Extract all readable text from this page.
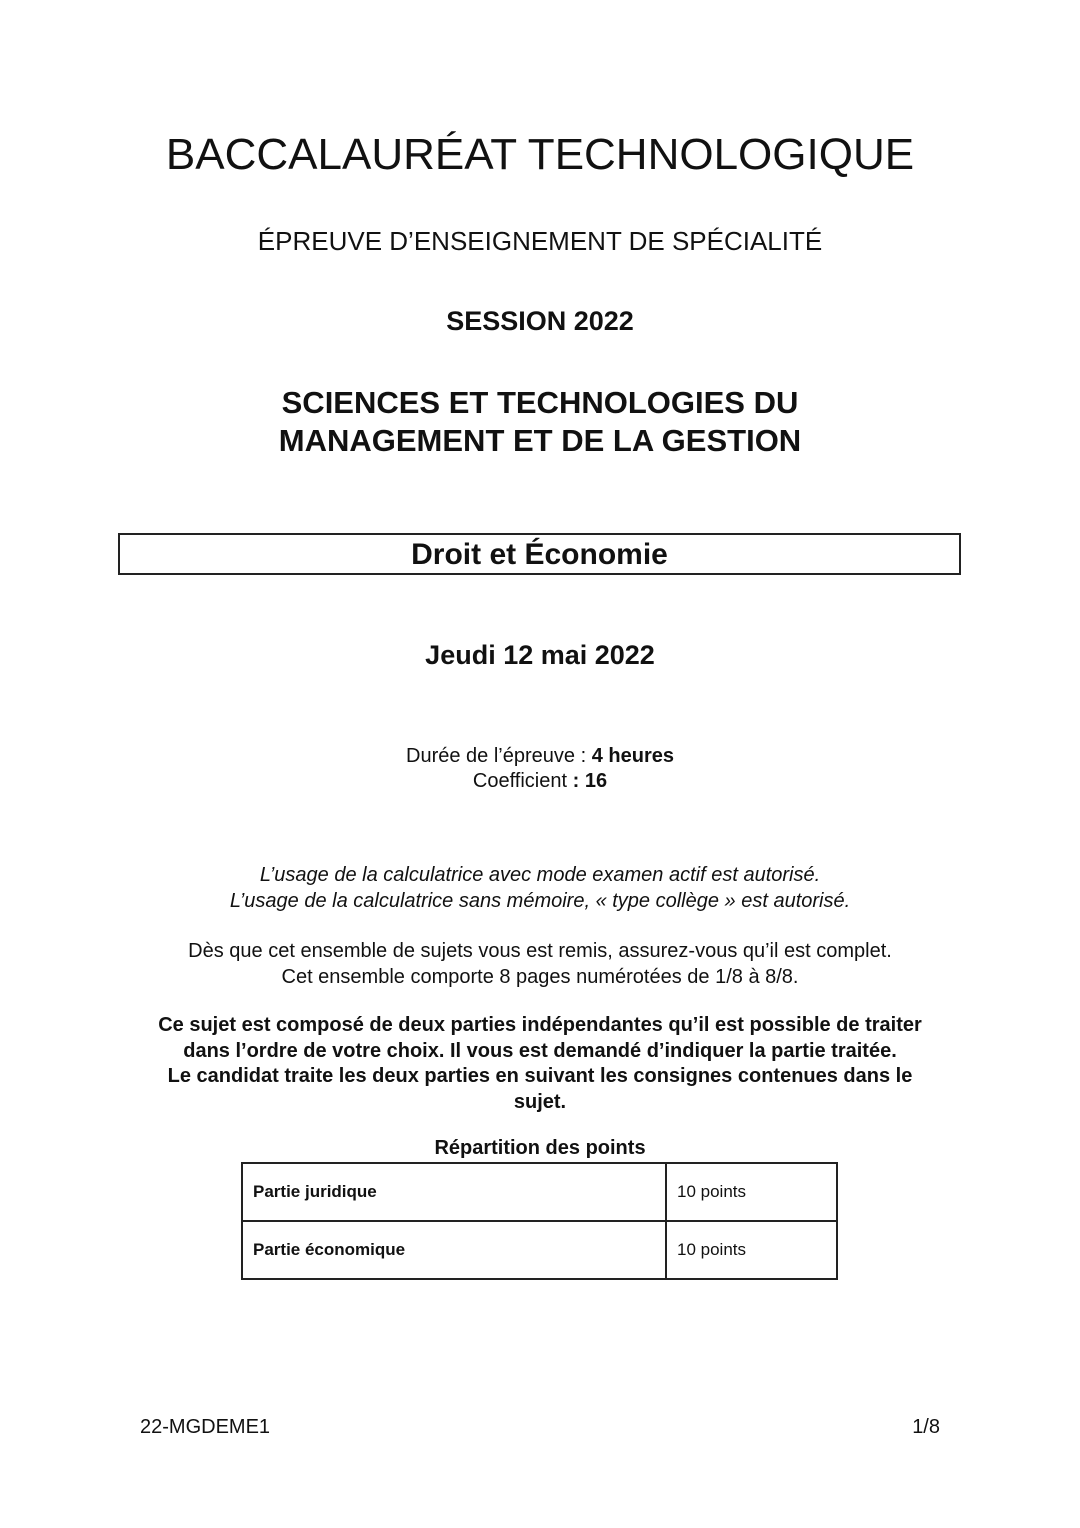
BACCALAURÉAT TECHNOLOGIQUE
ÉPREUVE D’ENSEIGNEMENT DE SPÉCIALITÉ
SESSION 2022
SCIENCES ET TECHNOLOGIES DU
MANAGEMENT ET DE LA GESTION
Droit et Économie
Jeudi 12 mai 2022
Durée de l’épreuve : 4 heures
Coefficient : 16
L’usage de la calculatrice avec mode examen actif est autorisé.
L’usage de la calculatrice sans mémoire, « type collège » est autorisé.
Dès que cet ensemble de sujets vous est remis, assurez-vous qu’il est complet.
Cet ensemble comporte 8 pages numérotées de 1/8 à 8/8.
Ce sujet est composé de deux parties indépendantes qu’il est possible de traiter
dans l’ordre de votre choix. Il vous est demandé d’indiquer la partie traitée.
Le candidat traite les deux parties en suivant les consignes contenues dans le
sujet.
Répartition des points
Partie juridique	10 points
Partie économique	10 points
22-MGDEME1	1/8
